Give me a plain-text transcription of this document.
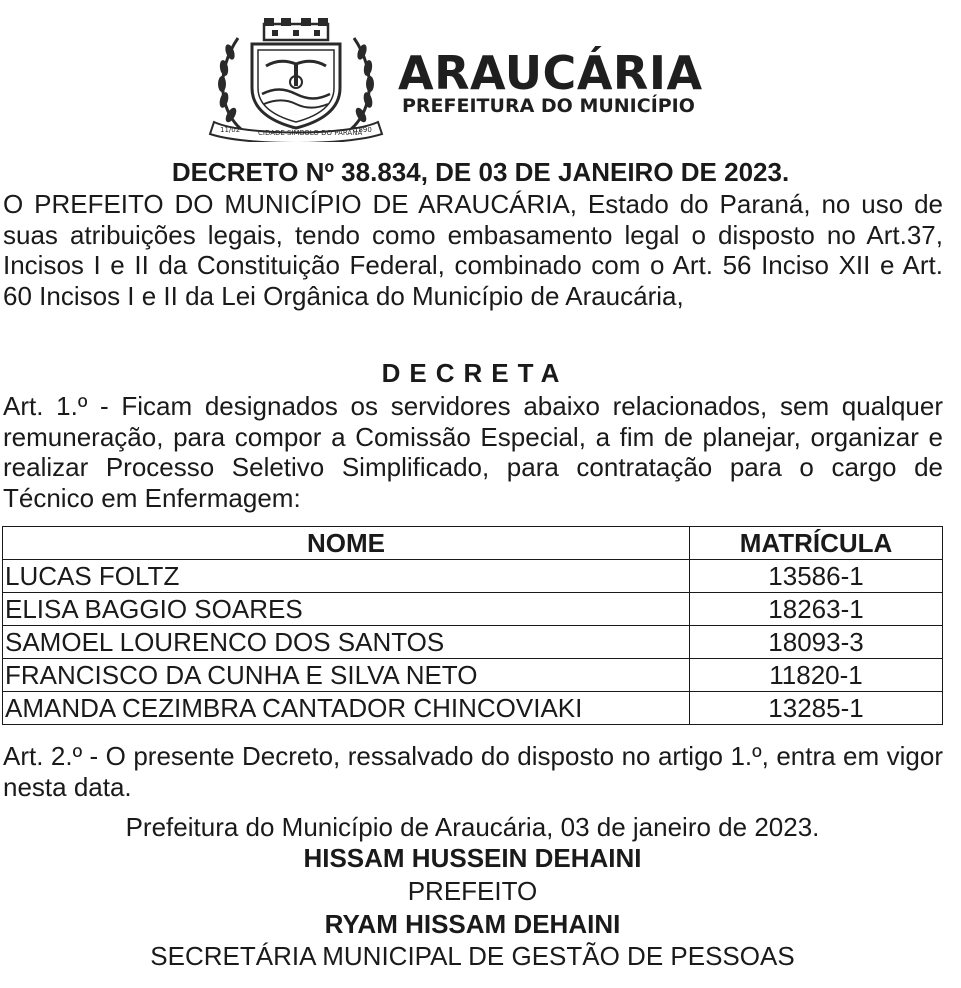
11/02	CIDADE SÍMBOLO DO PARANÁ
1890
ARAUCÁRIA
PREFEITURA DO MUNICÍPIO
DECRETO Nº 38.834, DE 03 DE JANEIRO DE 2023.
O PREFEITO DO MUNICÍPIO DE ARAUCÁRIA, Estado do Paraná, no uso de suas atribuições legais, tendo como embasamento legal o disposto no Art.37, Incisos I e II da Constituição Federal, combinado com o Art. 56 Inciso XII e Art. 60 Incisos I e II da Lei Orgânica do Município de Araucária,
DECRETA
Art. 1.º - Ficam designados os servidores abaixo relacionados, sem qualquer remuneração, para compor a Comissão Especial, a fim de planejar, organizar e realizar Processo Seletivo Simplificado, para contratação para o cargo de Técnico em Enfermagem:
NOME	MATRÍCULA
LUCAS FOLTZ	13586-1
ELISA BAGGIO SOARES	18263-1
SAMOEL LOURENCO DOS SANTOS	18093-3
FRANCISCO DA CUNHA E SILVA NETO	11820-1
AMANDA CEZIMBRA CANTADOR CHINCOVIAKI	13285-1
Art. 2.º - O presente Decreto, ressalvado do disposto no artigo 1.º, entra em vigor nesta data.
Prefeitura do Município de Araucária, 03 de janeiro de 2023.
HISSAM HUSSEIN DEHAINI
PREFEITO
RYAM HISSAM DEHAINI
SECRETÁRIA MUNICIPAL DE GESTÃO DE PESSOAS
